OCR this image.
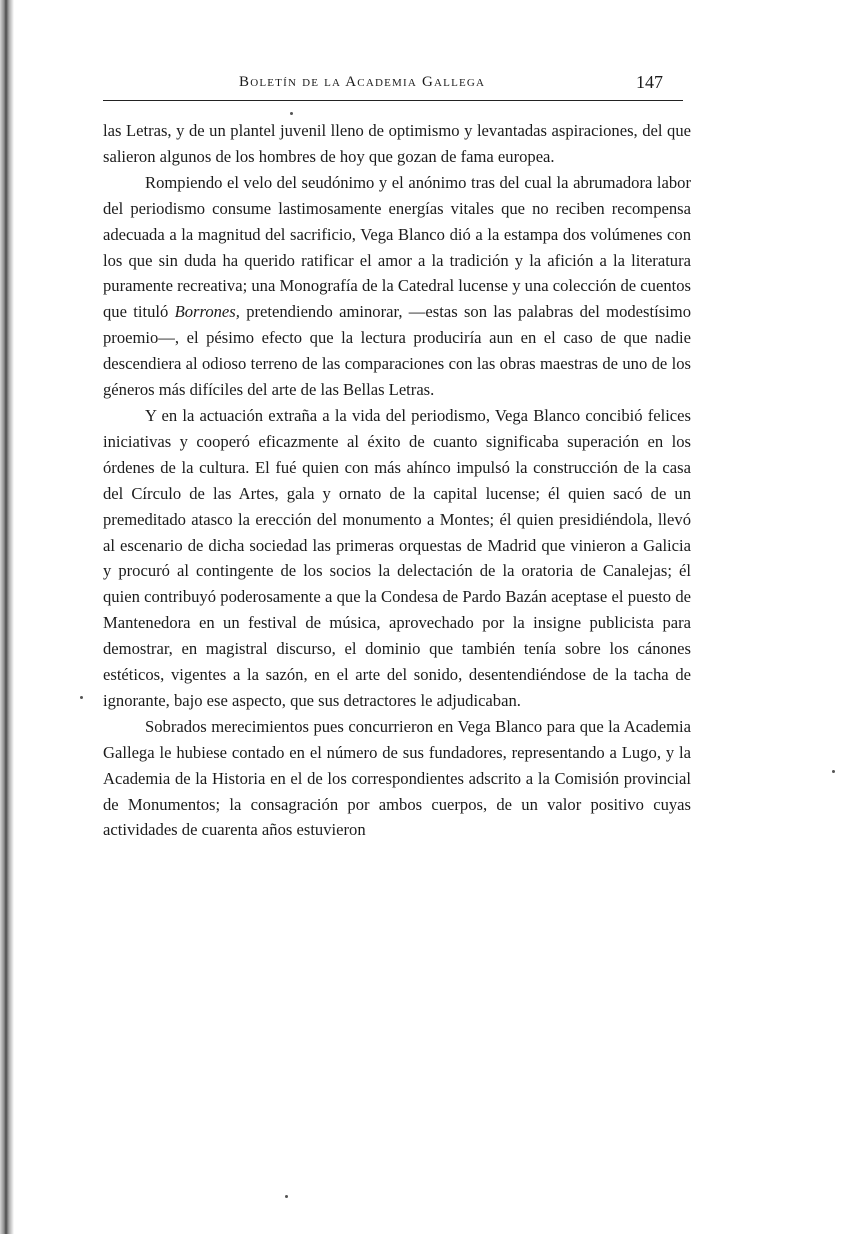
Boletín de la Academia Gallega	147

las Letras, y de un plantel juvenil lleno de optimismo y levantadas aspiraciones, del que salieron algunos de los hombres de hoy que gozan de fama europea.

Rompiendo el velo del seudónimo y el anónimo tras del cual la abrumadora labor del periodismo consume lastimosamente energías vitales que no reciben recompensa adecuada a la magnitud del sacrificio, Vega Blanco dió a la estampa dos volúmenes con los que sin duda ha querido ratificar el amor a la tradición y la afición a la literatura puramente recreativa; una Monografía de la Catedral lucense y una colección de cuentos que tituló Borrones, pretendiendo aminorar, —estas son las palabras del modestísimo proemio—, el pésimo efecto que la lectura produciría aun en el caso de que nadie descendiera al odioso terreno de las comparaciones con las obras maestras de uno de los géneros más difíciles del arte de las Bellas Letras.

Y en la actuación extraña a la vida del periodismo, Vega Blanco concibió felices iniciativas y cooperó eficazmente al éxito de cuanto significaba superación en los órdenes de la cultura. El fué quien con más ahínco impulsó la construcción de la casa del Círculo de las Artes, gala y ornato de la capital lucense; él quien sacó de un premeditado atasco la erección del monumento a Montes; él quien presidiéndola, llevó al escenario de dicha sociedad las primeras orquestas de Madrid que vinieron a Galicia y procuró al contingente de los socios la delectación de la oratoria de Canalejas; él quien contribuyó poderosamente a que la Condesa de Pardo Bazán aceptase el puesto de Mantenedora en un festival de música, aprovechado por la insigne publicista para demostrar, en magistral discurso, el dominio que también tenía sobre los cánones estéticos, vigentes a la sazón, en el arte del sonido, desentendiéndose de la tacha de ignorante, bajo ese aspecto, que sus detractores le adjudicaban.

Sobrados merecimientos pues concurrieron en Vega Blanco para que la Academia Gallega le hubiese contado en el número de sus fundadores, representando a Lugo, y la Academia de la Historia en el de los correspondientes adscrito a la Comisión provincial de Monumentos; la consagración por ambos cuerpos, de un valor positivo cuyas actividades de cuarenta años estuvieron
